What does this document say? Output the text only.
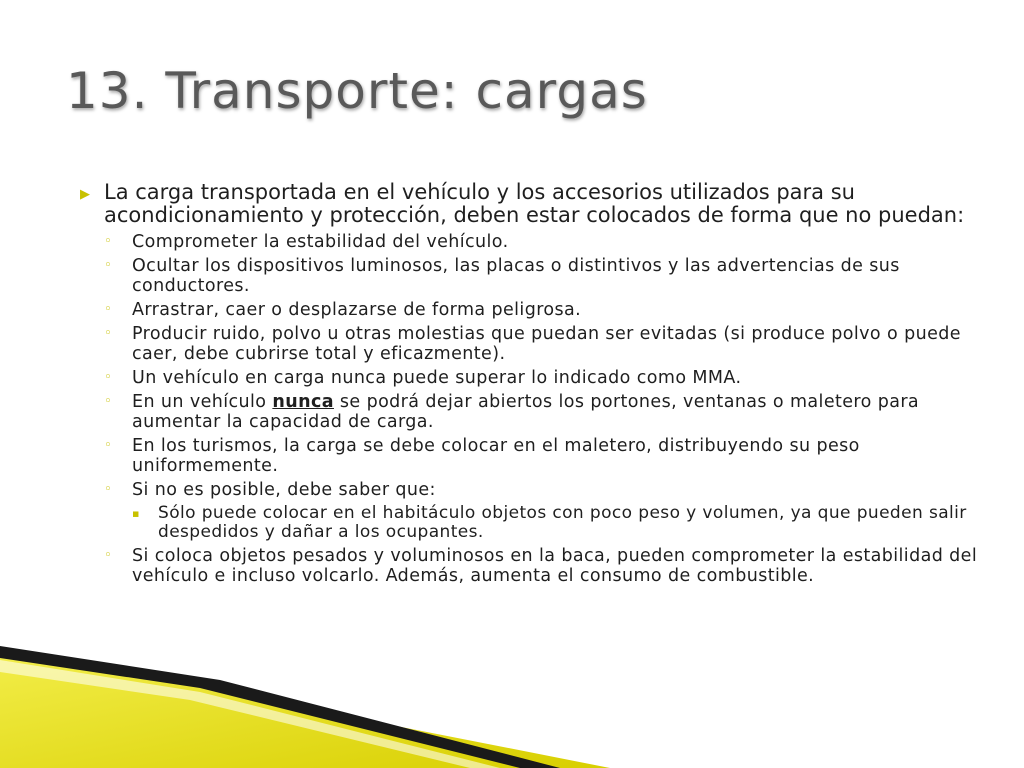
13. Transporte: cargas
▶ La carga transportada en el vehículo y los accesorios utilizados para su acondicionamiento y protección, deben estar colocados de forma que no puedan:
◦ Comprometer la estabilidad del vehículo.
◦ Ocultar los dispositivos luminosos, las placas o distintivos y las advertencias de sus conductores.
◦ Arrastrar, caer o desplazarse de forma peligrosa.
◦ Producir ruido, polvo u otras molestias que puedan ser evitadas (si produce polvo o puede caer, debe cubrirse total y eficazmente).
◦ Un vehículo en carga nunca puede superar lo indicado como MMA.
◦ En un vehículo nunca se podrá dejar abiertos los portones, ventanas o maletero para aumentar la capacidad de carga.
◦ En los turismos, la carga se debe colocar en el maletero, distribuyendo su peso uniformemente.
◦ Si no es posible, debe saber que:
▪ Sólo puede colocar en el habitáculo objetos con poco peso y volumen, ya que pueden salir despedidos y dañar a los ocupantes.
◦ Si coloca objetos pesados y voluminosos en la baca, pueden comprometer la estabilidad del vehículo e incluso volcarlo. Además, aumenta el consumo de combustible.
